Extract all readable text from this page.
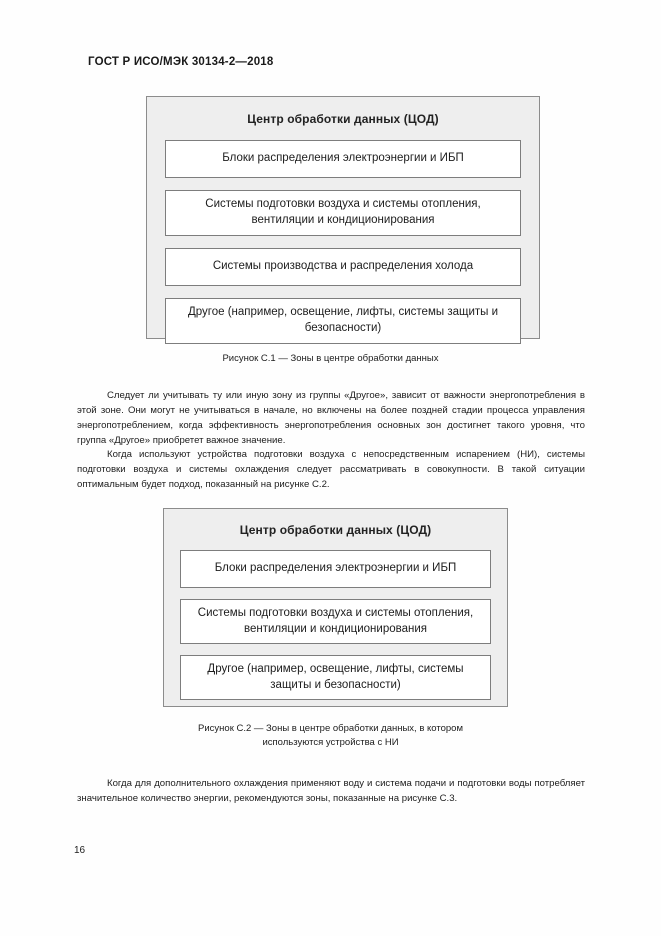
ГОСТ Р ИСО/МЭК 30134-2—2018
Центр обработки данных (ЦОД)
Блоки распределения электроэнергии и ИБП
Системы подготовки воздуха и системы отопления, вентиляции и кондиционирования
Системы производства и распределения холода
Другое (например, освещение, лифты, системы защиты и безопасности)
Рисунок С.1 — Зоны в центре обработки данных

Следует ли учитывать ту или иную зону из группы «Другое», зависит от важности энергопотребления в этой зоне. Они могут не учитываться в начале, но включены на более поздней стадии процесса управления энергопотреблением, когда эффективность энергопотребления основных зон достигнет такого уровня, что группа «Другое» приобретет важное значение.

Когда используют устройства подготовки воздуха с непосредственным испарением (НИ), системы подготовки воздуха и системы охлаждения следует рассматривать в совокупности. В такой ситуации оптимальным будет подход, показанный на рисунке С.2.

Центр обработки данных (ЦОД)
Блоки распределения электроэнергии и ИБП
Системы подготовки воздуха и системы отопления, вентиляции и кондиционирования
Другое (например, освещение, лифты, системы защиты и безопасности)
Рисунок С.2 — Зоны в центре обработки данных, в котором
используются устройства с НИ

Когда для дополнительного охлаждения применяют воду и система подачи и подготовки воды потребляет значительное количество энергии, рекомендуются зоны, показанные на рисунке С.3.

16
